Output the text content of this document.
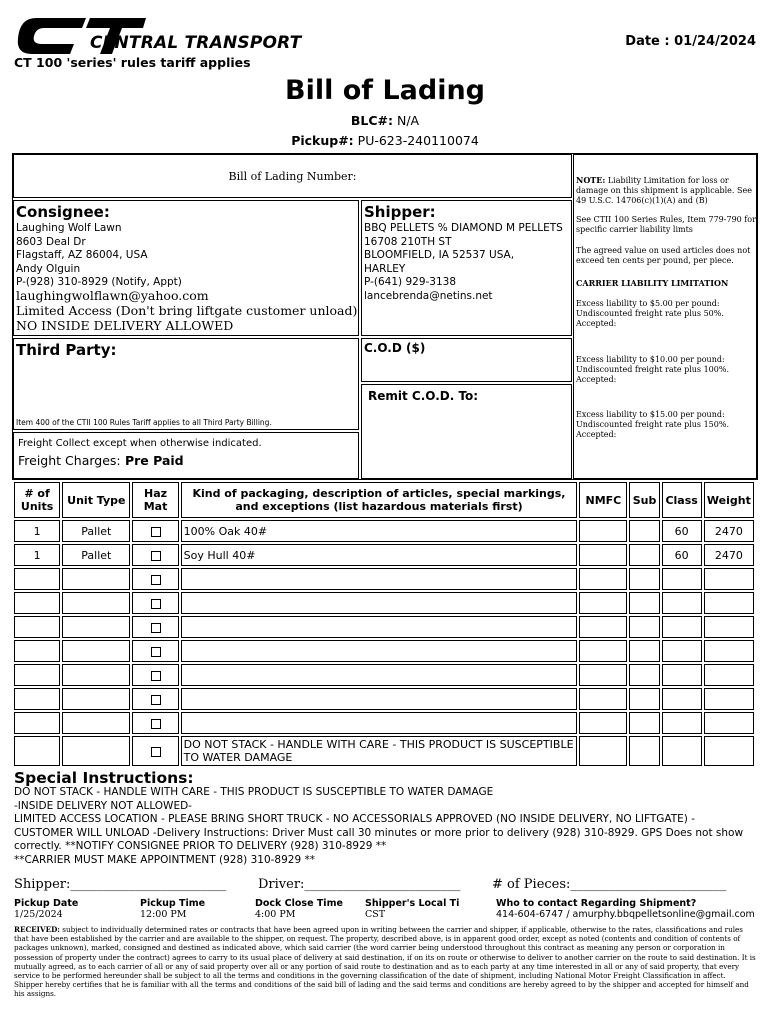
CENTRAL TRANSPORT	Date : 01/24/2024
CT 100 'series' rules tariff applies
Bill of Lading
BLC#: N/A
Pickup#: PU-623-240110074
Bill of Lading Number:	NOTE: Liability Limitation for loss or damage on this shipment is applicable. See 49 U.S.C. 14706(c)(1)(A) and (B)
See CTII 100 Series Rules, Item 779-790 for specific carrier liability limts
The agreed value on used articles does not exceed ten cents per pound, per piece.
CARRIER LIABILITY LIMITATION
Excess liability to $5.00 per pound:
Undiscounted freight rate plus 50%.
Accepted:
Excess liability to $10.00 per pound:
Undiscounted freight rate plus 100%.
Accepted:
Excess liability to $15.00 per pound:
Undiscounted freight rate plus 150%.
Accepted:
Consignee:
Laughing Wolf Lawn
8603 Deal Dr
Flagstaff, AZ 86004, USA
Andy Olguin
P-(928) 310-8929 (Notify, Appt)
laughingwolflawn@yahoo.com
Limited Access (Don't bring liftgate customer unload)
NO INSIDE DELIVERY ALLOWED
Shipper:
BBQ PELLETS % DIAMOND M PELLETS
16708 210TH ST
BLOOMFIELD, IA 52537 USA,
HARLEY
P-(641) 929-3138
lancebrenda@netins.net
Third Party:
Item 400 of the CTII 100 Rules Tariff applies to all Third Party Billing.
C.O.D ($)
Remit C.O.D. To:
Freight Collect except when otherwise indicated.
Freight Charges: Pre Paid
# of Units	Unit Type	Haz Mat	Kind of packaging, description of articles, special markings, and exceptions (list hazardous materials first)	NMFC	Sub	Class	Weight
1	Pallet		100% Oak 40#			60	2470
1	Pallet		Soy Hull 40#			60	2470

			DO NOT STACK - HANDLE WITH CARE - THIS PRODUCT IS SUSCEPTIBLE TO WATER DAMAGE				
Special Instructions:
DO NOT STACK - HANDLE WITH CARE - THIS PRODUCT IS SUSCEPTIBLE TO WATER DAMAGE
-INSIDE DELIVERY NOT ALLOWED-
LIMITED ACCESS LOCATION - PLEASE BRING SHORT TRUCK - NO ACCESSORIALS APPROVED (NO INSIDE DELIVERY, NO LIFTGATE) -
CUSTOMER WILL UNLOAD -Delivery Instructions: Driver Must call 30 minutes or more prior to delivery (928) 310-8929. GPS Does not show
correctly. **NOTIFY CONSIGNEE PRIOR TO DELIVERY (928) 310-8929 **
**CARRIER MUST MAKE APPOINTMENT (928) 310-8929 **
Shipper:________________________ Driver:________________________ # of Pieces:________________________
Pickup Date
1/25/2024
Pickup Time
12:00 PM
Dock Close Time
4:00 PM
Shipper's Local Ti
CST
Who to contact Regarding Shipment?
414-604-6747 / amurphy.bbqpelletsonline@gmail.com
RECEIVED: subject to individually determined rates or contracts that have been agreed upon in writing between the carrier and shipper, if applicable, otherwise to the rates, classifications and rules that have been established by the carrier and are available to the shipper, on request. The property, described above, is in apparent good order, except as noted (contents and condition of contents of packages unknown), marked, consigned and destined as indicated above, which said carrier (the word carrier being understood throughout this contract as meaning any person or corporation in possession of property under the contract) agrees to carry to its usual place of delivery at said destination, if on its on route or otherwise to deliver to another carrier on the route to said destination. It is mutually agreed, as to each carrier of all or any of said property over all or any portion of said route to destination and as to each party at any time interested in all or any of said property, that every service to be performed hereunder shall be subject to all the terms and conditions in the governing classification of the date of shipment, including National Motor Freight Classification in affect. Shipper hereby certifies that he is familiar with all the terms and conditions of the said bill of lading and the said terms and conditions are hereby agreed to by the shipper and accepted for himself and his assigns.
